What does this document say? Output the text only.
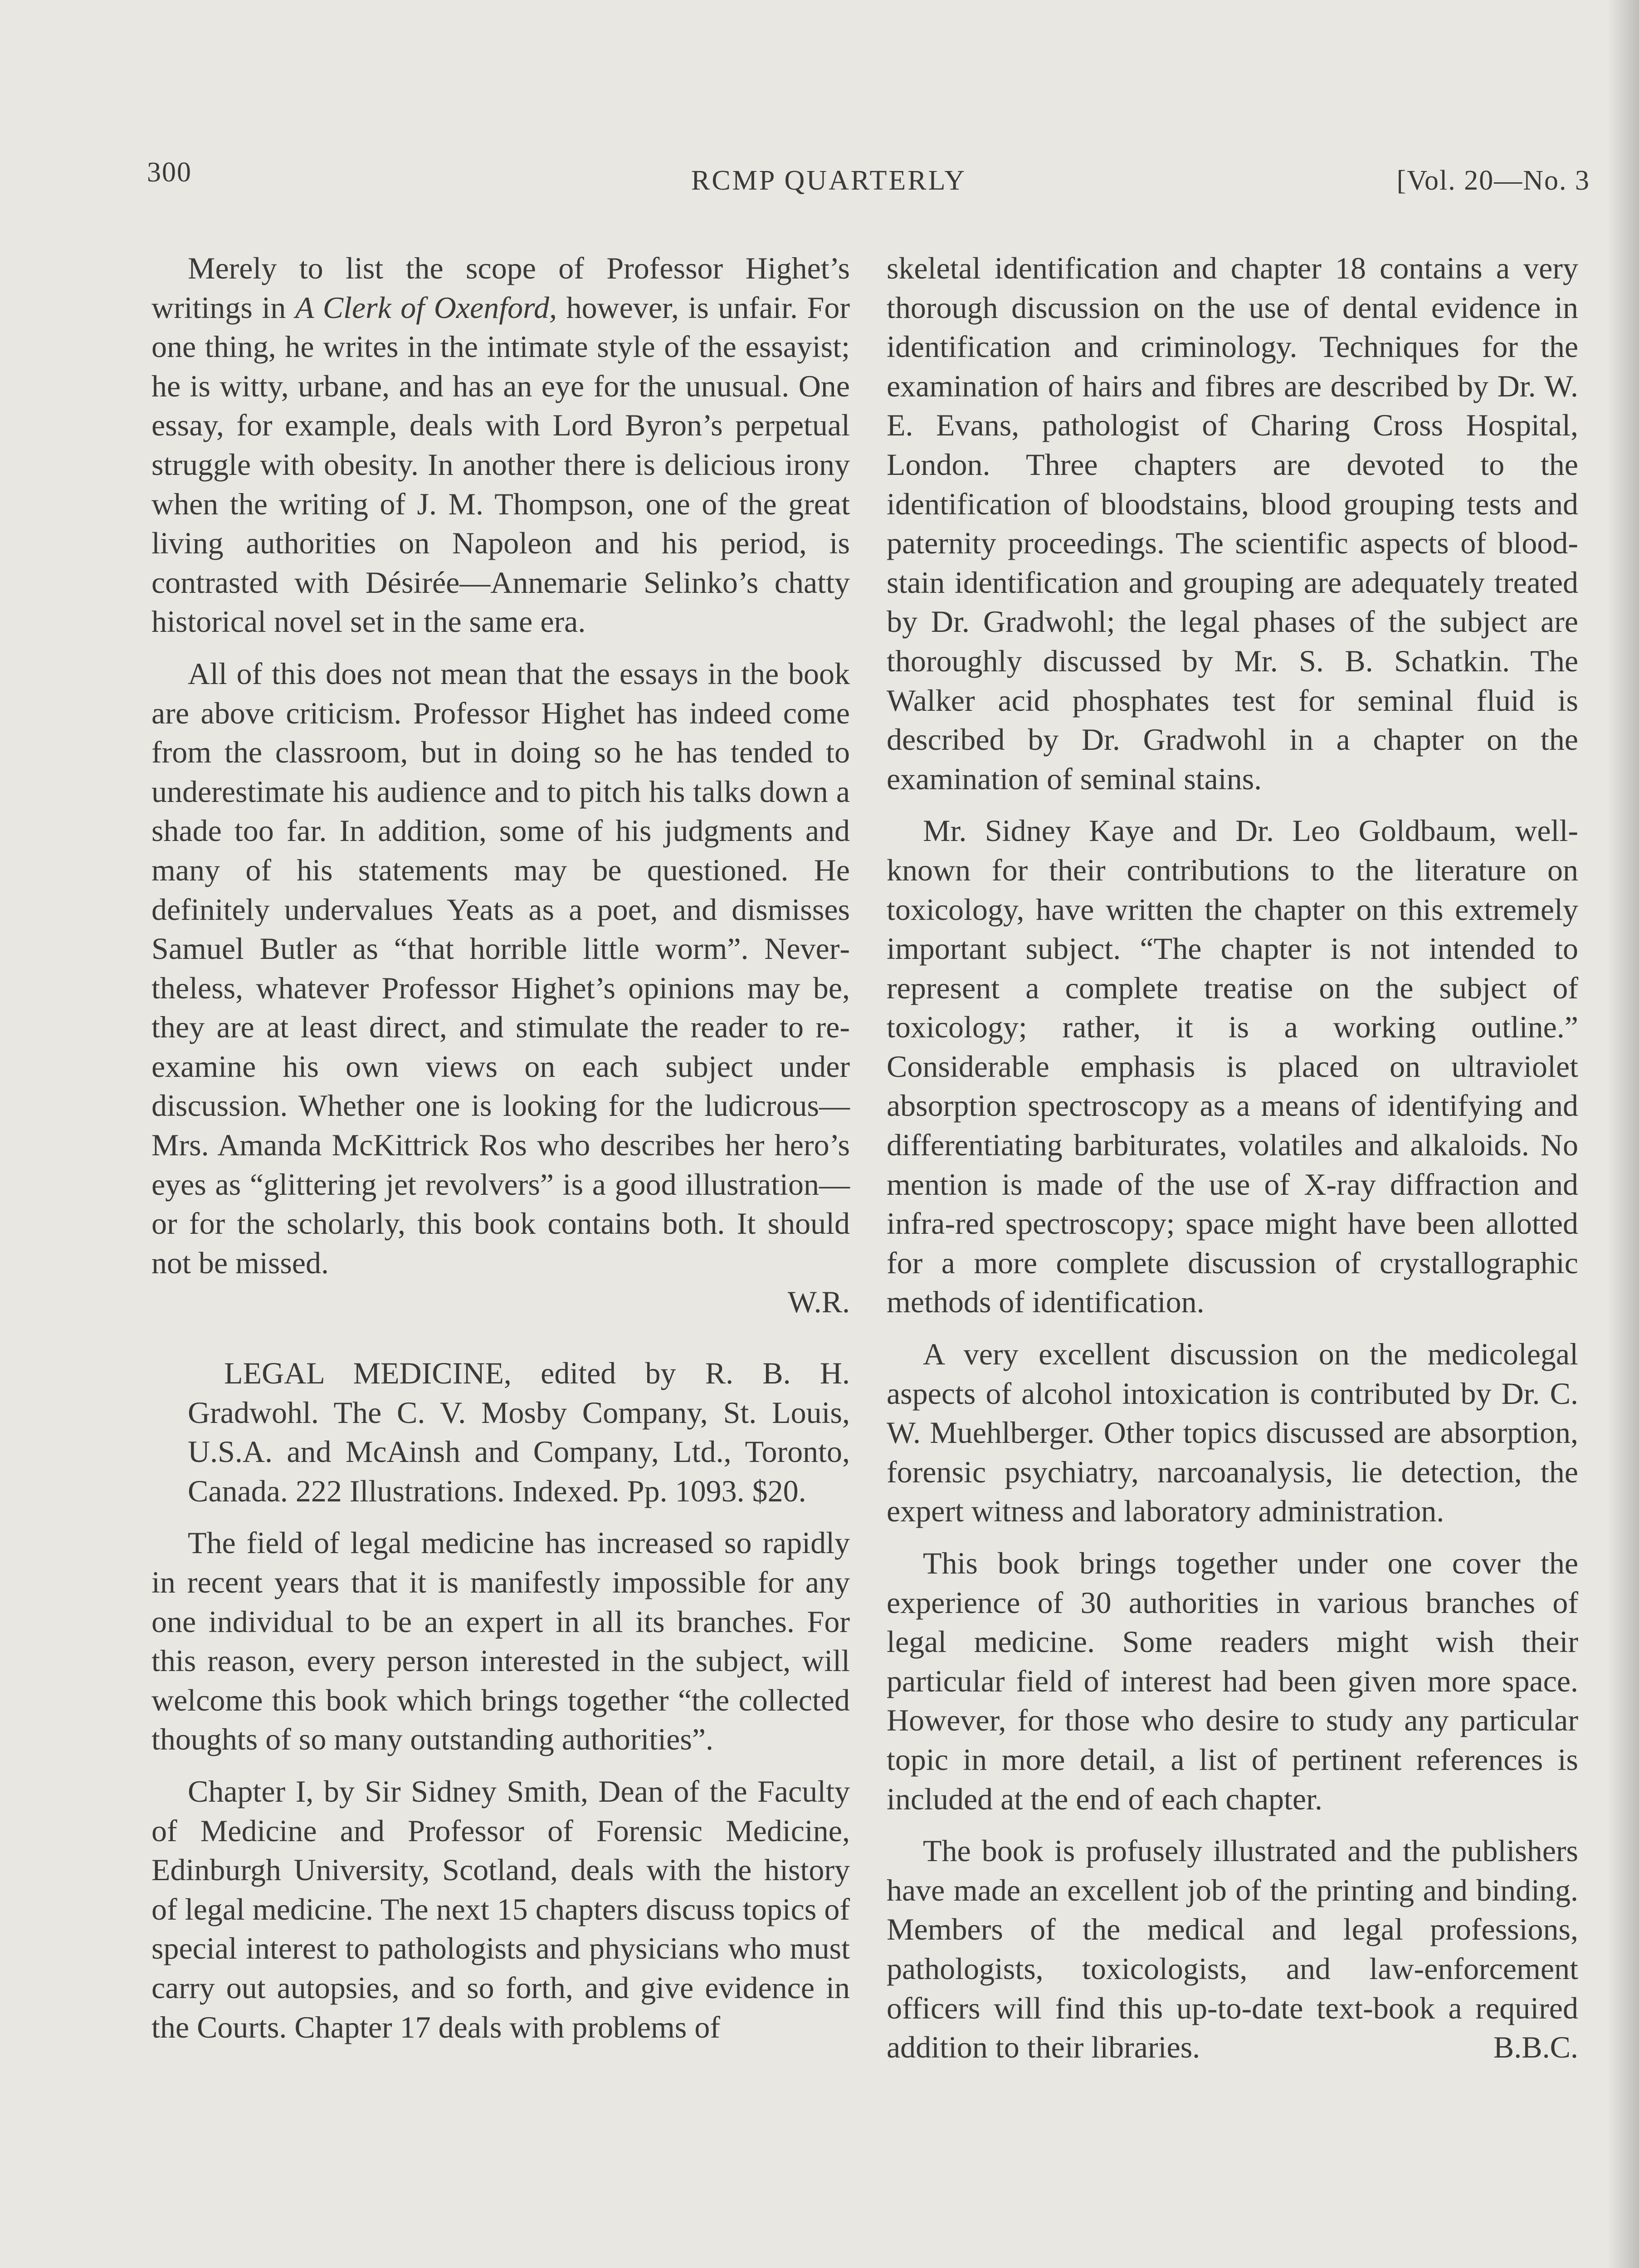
300	RCMP QUARTERLY	[Vol. 20—No. 3

Merely to list the scope of Professor Highet’s writings in A Clerk of Oxenford, however, is unfair. For one thing, he writes in the intimate style of the essayist; he is witty, urbane, and has an eye for the unusual. One essay, for example, deals with Lord Byron’s perpetual struggle with obesity. In another there is delicious irony when the writing of J. M. Thompson, one of the great living authorities on Napoleon and his period, is contrasted with Désirée—Annemarie Selinko’s chatty historical novel set in the same era.

All of this does not mean that the essays in the book are above criticism. Professor Highet has indeed come from the classroom, but in doing so he has tended to underestimate his audience and to pitch his talks down a shade too far. In addition, some of his judgments and many of his statements may be questioned. He definitely undervalues Yeats as a poet, and dismisses Samuel Butler as “that horrible little worm”. Nevertheless, whatever Professor Highet’s opinions may be, they are at least direct, and stimulate the reader to re-examine his own views on each subject under discussion. Whether one is looking for the ludicrous—Mrs. Amanda McKittrick Ros who describes her hero’s eyes as “glittering jet revolvers” is a good illustration—or for the scholarly, this book contains both. It should not be missed.

W.R.

LEGAL MEDICINE, edited by R. B. H. Gradwohl. The C. V. Mosby Company, St. Louis, U.S.A. and McAinsh and Company, Ltd., Toronto, Canada. 222 Illustrations. Indexed. Pp. 1093. $20.

The field of legal medicine has increased so rapidly in recent years that it is manifestly impossible for any one individual to be an expert in all its branches. For this reason, every person interested in the subject, will welcome this book which brings together “the collected thoughts of so many outstanding authorities”.

Chapter I, by Sir Sidney Smith, Dean of the Faculty of Medicine and Professor of Forensic Medicine, Edinburgh University, Scotland, deals with the history of legal medicine. The next 15 chapters discuss topics of special interest to pathologists and physicians who must carry out autopsies, and so forth, and give evidence in the Courts. Chapter 17 deals with problems of

skeletal identification and chapter 18 contains a very thorough discussion on the use of dental evidence in identification and criminology. Techniques for the examination of hairs and fibres are described by Dr. W. E. Evans, pathologist of Charing Cross Hospital, London. Three chapters are devoted to the identification of bloodstains, blood grouping tests and paternity proceedings. The scientific aspects of bloodstain identification and grouping are adequately treated by Dr. Gradwohl; the legal phases of the subject are thoroughly discussed by Mr. S. B. Schatkin. The Walker acid phosphates test for seminal fluid is described by Dr. Gradwohl in a chapter on the examination of seminal stains.

Mr. Sidney Kaye and Dr. Leo Goldbaum, well-known for their contributions to the literature on toxicology, have written the chapter on this extremely important subject. “The chapter is not intended to represent a complete treatise on the subject of toxicology; rather, it is a working outline.” Considerable emphasis is placed on ultraviolet absorption spectroscopy as a means of identifying and differentiating barbiturates, volatiles and alkaloids. No mention is made of the use of X-ray diffraction and infra-red spectroscopy; space might have been allotted for a more complete discussion of crystallographic methods of identification.

A very excellent discussion on the medicolegal aspects of alcohol intoxication is contributed by Dr. C. W. Muehlberger. Other topics discussed are absorption, forensic psychiatry, narcoanalysis, lie detection, the expert witness and laboratory administration.

This book brings together under one cover the experience of 30 authorities in various branches of legal medicine. Some readers might wish their particular field of interest had been given more space. However, for those who desire to study any particular topic in more detail, a list of pertinent references is included at the end of each chapter.

The book is profusely illustrated and the publishers have made an excellent job of the printing and binding. Members of the medical and legal professions, pathologists, toxicologists, and law-enforcement officers will find this up-to-date text-book a required addition to their libraries.	B.B.C.
